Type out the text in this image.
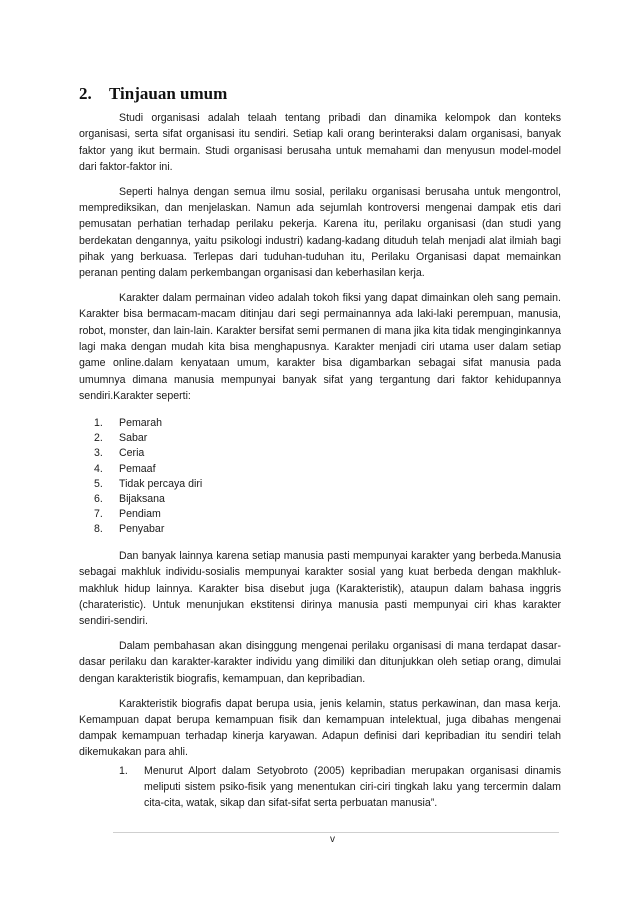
2. Tinjauan umum

Studi organisasi adalah telaah tentang pribadi dan dinamika kelompok dan konteks organisasi, serta sifat organisasi itu sendiri. Setiap kali orang berinteraksi dalam organisasi, banyak faktor yang ikut bermain. Studi organisasi berusaha untuk memahami dan menyusun model-model dari faktor-faktor ini.

Seperti halnya dengan semua ilmu sosial, perilaku organisasi berusaha untuk mengontrol, memprediksikan, dan menjelaskan. Namun ada sejumlah kontroversi mengenai dampak etis dari pemusatan perhatian terhadap perilaku pekerja. Karena itu, perilaku organisasi (dan studi yang berdekatan dengannya, yaitu psikologi industri) kadang-kadang dituduh telah menjadi alat ilmiah bagi pihak yang berkuasa. Terlepas dari tuduhan-tuduhan itu, Perilaku Organisasi dapat memainkan peranan penting dalam perkembangan organisasi dan keberhasilan kerja.

Karakter dalam permainan video adalah tokoh fiksi yang dapat dimainkan oleh sang pemain. Karakter bisa bermacam-macam ditinjau dari segi permainannya ada laki-laki perempuan, manusia, robot, monster, dan lain-lain. Karakter bersifat semi permanen di mana jika kita tidak menginginkannya lagi maka dengan mudah kita bisa menghapusnya. Karakter menjadi ciri utama user dalam setiap game online.dalam kenyataan umum, karakter bisa digambarkan sebagai sifat manusia pada umumnya dimana manusia mempunyai banyak sifat yang tergantung dari faktor kehidupannya sendiri.Karakter seperti:

1.	Pemarah
2.	Sabar
3.	Ceria
4.	Pemaaf
5.	Tidak percaya diri
6.	Bijaksana
7.	Pendiam
8.	Penyabar

Dan banyak lainnya karena setiap manusia pasti mempunyai karakter yang berbeda.Manusia sebagai makhluk individu-sosialis mempunyai karakter sosial yang kuat berbeda dengan makhluk-makhluk hidup lainnya. Karakter bisa disebut juga (Karakteristik), ataupun dalam bahasa inggris (charateristic). Untuk menunjukan ekstitensi dirinya manusia pasti mempunyai ciri khas karakter sendiri-sendiri.

Dalam pembahasan akan disinggung mengenai perilaku organisasi di mana terdapat dasar-dasar perilaku dan karakter-karakter individu yang dimiliki dan ditunjukkan oleh setiap orang, dimulai dengan karakteristik biografis, kemampuan, dan kepribadian.

Karakteristik biografis dapat berupa usia, jenis kelamin, status perkawinan, dan masa kerja. Kemampuan dapat berupa kemampuan fisik dan kemampuan intelektual, juga dibahas mengenai dampak kemampuan terhadap kinerja karyawan. Adapun definisi dari kepribadian itu sendiri telah dikemukakan para ahli.

1. Menurut Alport dalam Setyobroto (2005) kepribadian merupakan organisasi dinamis meliputi sistem psiko-fisik yang menentukan ciri-ciri tingkah laku yang tercermin dalam cita-cita, watak, sikap dan sifat-sifat serta perbuatan manusia”.
v
